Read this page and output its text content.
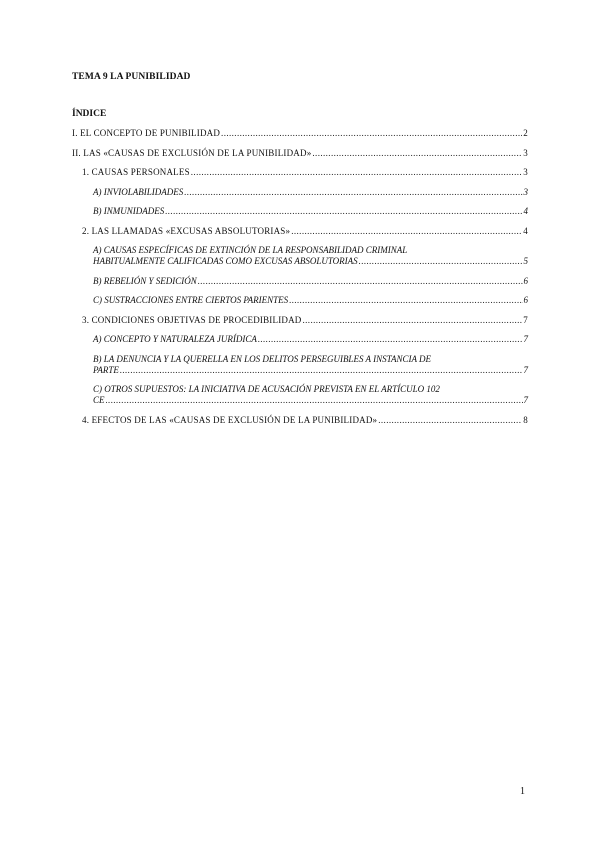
TEMA 9 LA PUNIBILIDAD
ÍNDICE
I. EL CONCEPTO DE PUNIBILIDAD .....	2
II. LAS «CAUSAS DE EXCLUSIÓN DE LA PUNIBILIDAD» .....	3
1. CAUSAS PERSONALES .....	3
A) INVIOLABILIDADES .....	3
B) INMUNIDADES .....	4
2. LAS LLAMADAS «EXCUSAS ABSOLUTORIAS» .....	4
A) CAUSAS ESPECÍFICAS DE EXTINCIÓN DE LA RESPONSABILIDAD CRIMINAL
HABITUALMENTE CALIFICADAS COMO EXCUSAS ABSOLUTORIAS .....	5
B) REBELIÓN Y SEDICIÓN .....	6
C) SUSTRACCIONES ENTRE CIERTOS PARIENTES .....	6
3. CONDICIONES OBJETIVAS DE PROCEDIBILIDAD .....	7
A) CONCEPTO Y NATURALEZA JURÍDICA .....	7
B) LA DENUNCIA Y LA QUERELLA EN LOS DELITOS PERSEGUIBLES A INSTANCIA DE
PARTE .....	7
C) OTROS SUPUESTOS: LA INICIATIVA DE ACUSACIÓN PREVISTA EN EL ARTÍCULO 102
CE .....	7
4. EFECTOS DE LAS «CAUSAS DE EXCLUSIÓN DE LA PUNIBILIDAD» .....	8
1
